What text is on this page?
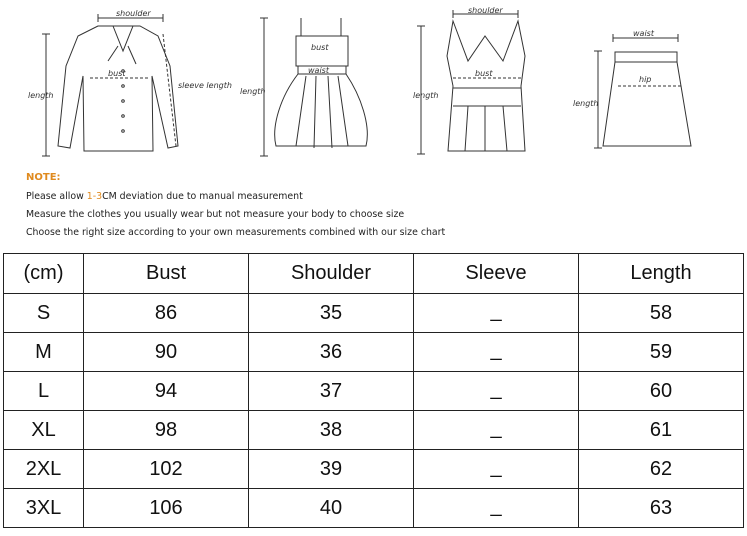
shoulder
bust
sleeve length
length	length
bust
waist
shoulder
bust
length
waist
hip
length
NOTE:
Please allow 1-3CM deviation due to manual measurement
Measure the clothes you usually wear but not measure your body to choose size
Choose the right size according to your own measurements combined with our size chart
(cm)	Bust	Shoulder	Sleeve	Length
S	86	35	_	58
M	90	36	_	59
L	94	37	_	60
XL	98	38	_	61
2XL	102	39	_	62
3XL	106	40	_	63
